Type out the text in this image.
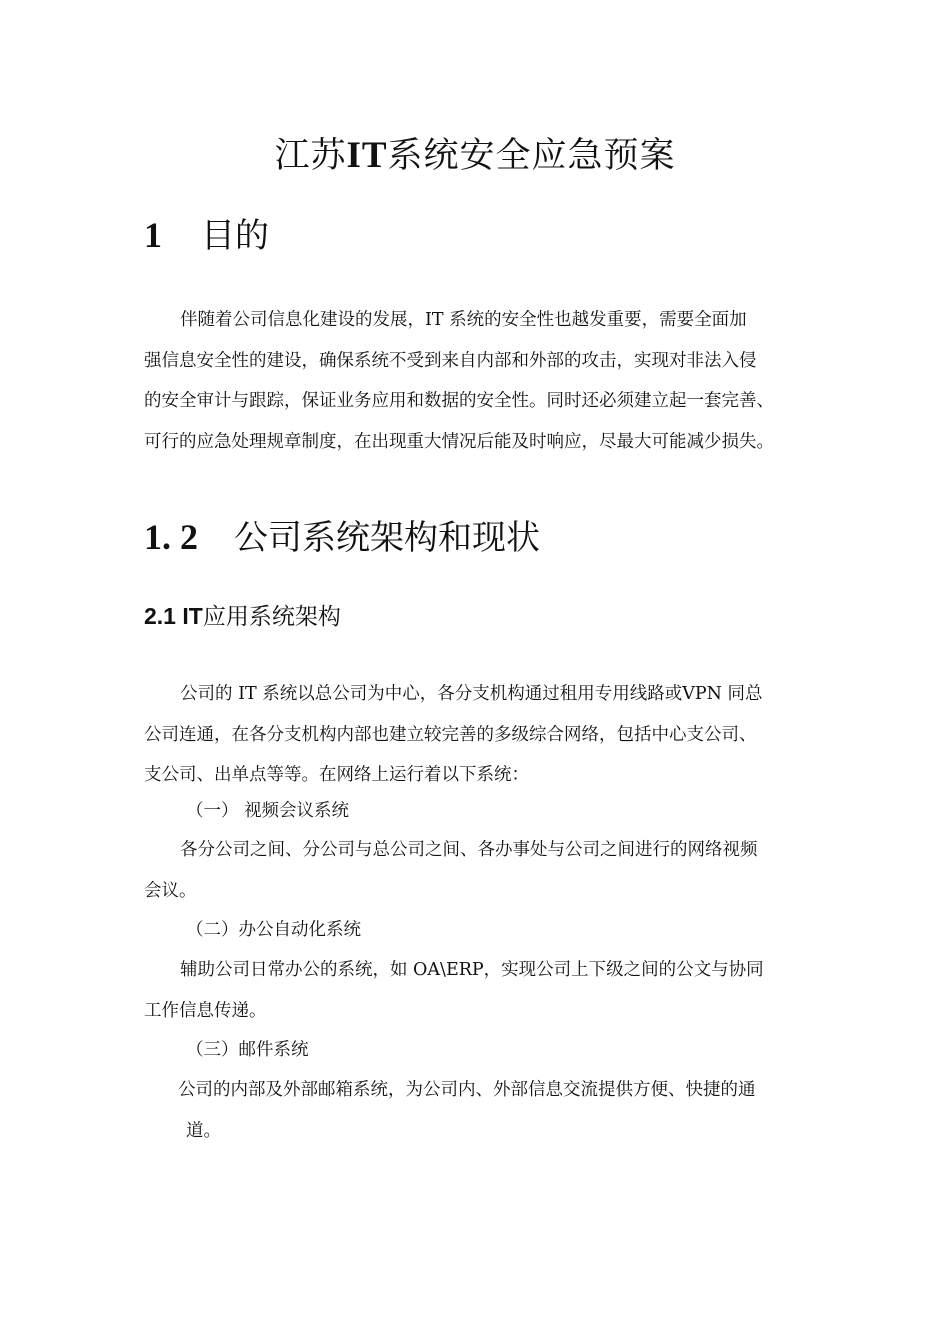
江苏IT系统安全应急预案
1 目的
伴随着公司信息化建设的发展，IT 系统的安全性也越发重要，需要全面加
强信息安全性的建设，确保系统不受到来自内部和外部的攻击，实现对非法入侵
的安全审计与跟踪，保证业务应用和数据的安全性。同时还必须建立起一套完善、
可行的应急处理规章制度，在出现重大情况后能及时响应，尽最大可能减少损失。
1. 2 公司系统架构和现状
2.1 IT应用系统架构
公司的 IT 系统以总公司为中心，各分支机构通过租用专用线路或VPN 同总
公司连通，在各分支机构内部也建立较完善的多级综合网络，包括中心支公司、
支公司、出单点等等。在网络上运行着以下系统：
（一） 视频会议系统
各分公司之间、分公司与总公司之间、各办事处与公司之间进行的网络视频
会议。
（二）办公自动化系统
辅助公司日常办公的系统，如 OA\ERP，实现公司上下级之间的公文与协同
工作信息传递。
（三）邮件系统
公司的内部及外部邮箱系统，为公司内、外部信息交流提供方便、快捷的通
道。
